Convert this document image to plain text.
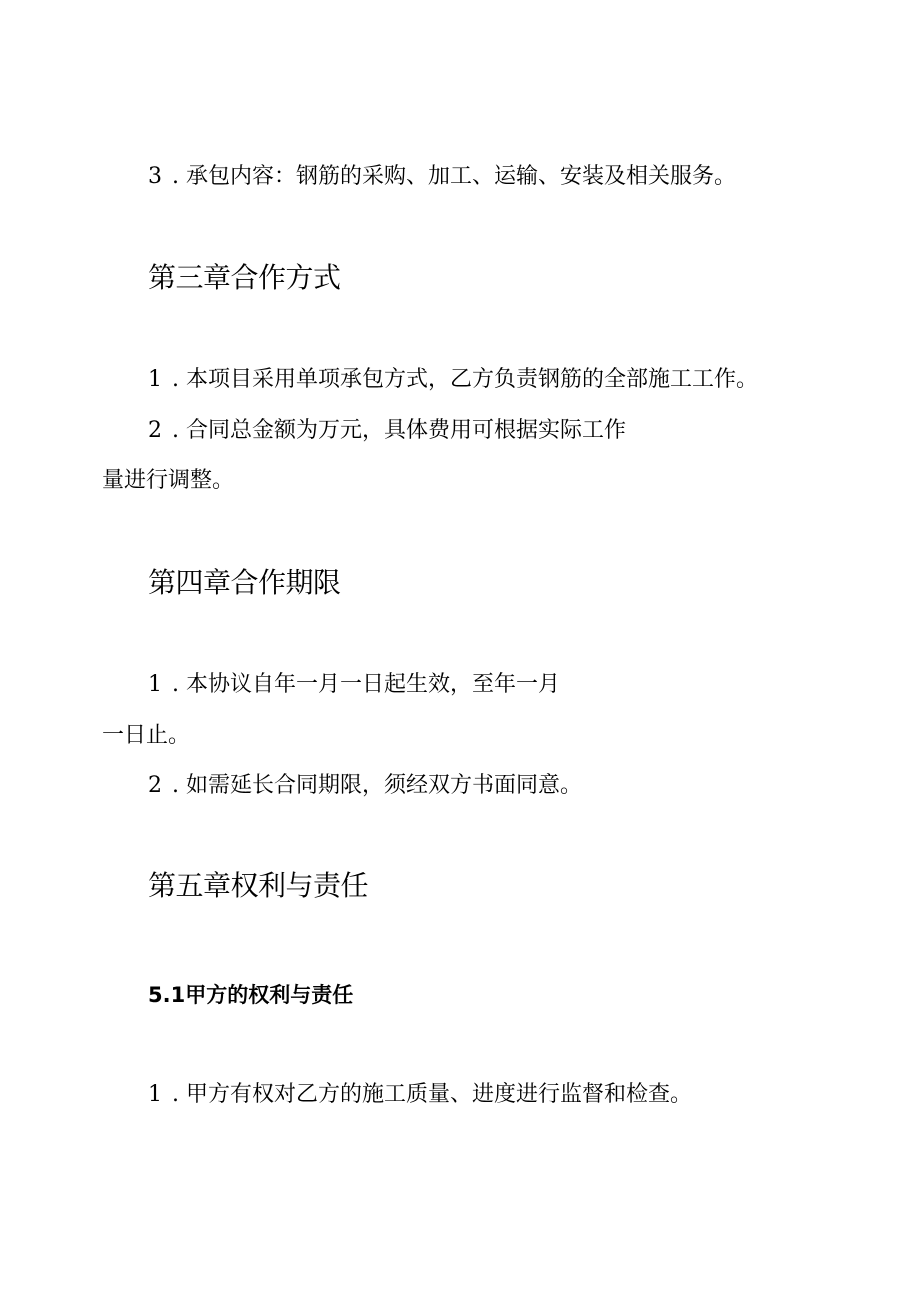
3 . 承包内容：钢筋的采购、加工、运输、安装及相关服务。
第三章合作方式
1 . 本项目采用单项承包方式，乙方负责钢筋的全部施工工作。
2 . 合同总金额为万元，具体费用可根据实际工作
量进行调整。
第四章合作期限
1 . 本协议自年一月一日起生效，至年一月
一日止。
2 . 如需延长合同期限，须经双方书面同意。
第五章权利与责任
5.1甲方的权利与责任
1 . 甲方有权对乙方的施工质量、进度进行监督和检查。
